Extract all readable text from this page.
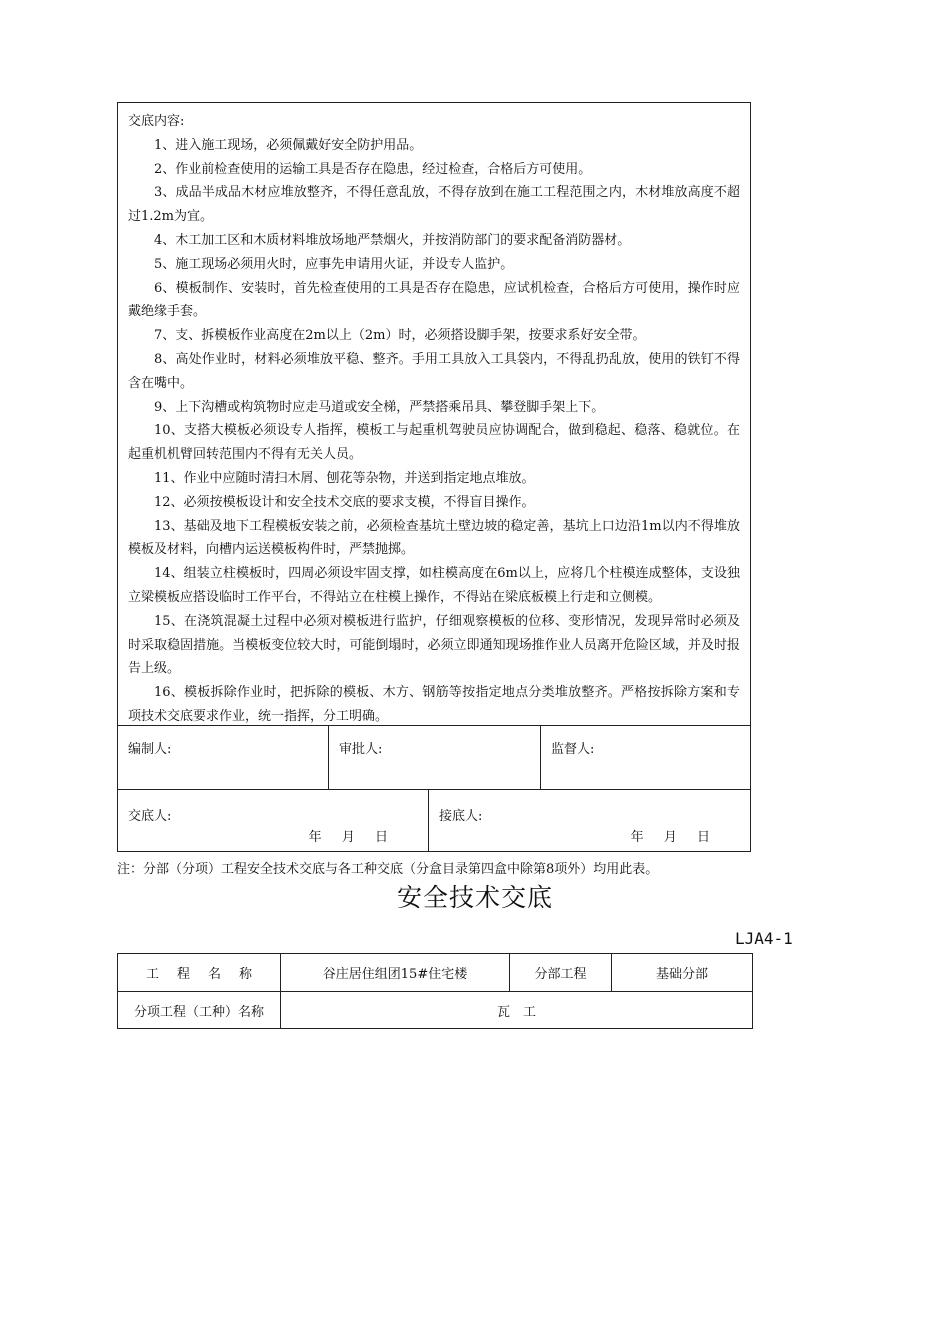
交底内容:

1、进入施工现场，必须佩戴好安全防护用品。

2、作业前检查使用的运输工具是否存在隐患，经过检查，合格后方可使用。

3、成品半成品木材应堆放整齐，不得任意乱放，不得存放到在施工工程范围之内，木材堆放高度不超过1.2m为宜。

4、木工加工区和木质材料堆放场地严禁烟火，并按消防部门的要求配备消防器材。

5、施工现场必须用火时，应事先申请用火证，并设专人监护。

6、模板制作、安装时，首先检查使用的工具是否存在隐患，应试机检查，合格后方可使用，操作时应戴绝缘手套。

7、支、拆模板作业高度在2m以上（2m）时，必须搭设脚手架，按要求系好安全带。

8、高处作业时，材料必须堆放平稳、整齐。手用工具放入工具袋内，不得乱扔乱放，使用的铁钉不得含在嘴中。

9、上下沟槽或构筑物时应走马道或安全梯，严禁搭乘吊具、攀登脚手架上下。

10、支搭大模板必须设专人指挥，模板工与起重机驾驶员应协调配合，做到稳起、稳落、稳就位。在起重机机臂回转范围内不得有无关人员。

11、作业中应随时清扫木屑、刨花等杂物，并送到指定地点堆放。

12、必须按模板设计和安全技术交底的要求支模，不得盲目操作。

13、基础及地下工程模板安装之前，必须检查基坑土壁边坡的稳定善，基坑上口边沿1m以内不得堆放模板及材料，向槽内运送模板构件时，严禁抛掷。

14、组装立柱模板时，四周必须设牢固支撑，如柱模高度在6m以上，应将几个柱模连成整体，支设独立梁模板应搭设临时工作平台，不得站立在柱模上操作，不得站在梁底板模上行走和立侧模。

15、在浇筑混凝土过程中必须对模板进行监护，仔细观察模板的位移、变形情况，发现异常时必须及时采取稳固措施。当模板变位较大时，可能倒塌时，必须立即通知现场推作业人员离开危险区域，并及时报告上级。

16、模板拆除作业时，把拆除的模板、木方、钢筋等按指定地点分类堆放整齐。严格按拆除方案和专项技术交底要求作业，统一指挥，分工明确。

编制人:	审批人:	监督人:
交底人:
年 月 日
接底人:
年 月 日
注：分部（分项）工程安全技术交底与各工种交底（分盒目录第四盒中除第8项外）均用此表。
安全技术交底
LJA4-1
工程名称	谷庄居住组团15#住宅楼	分部工程	基础分部
分项工程（工种）名称	瓦　工
